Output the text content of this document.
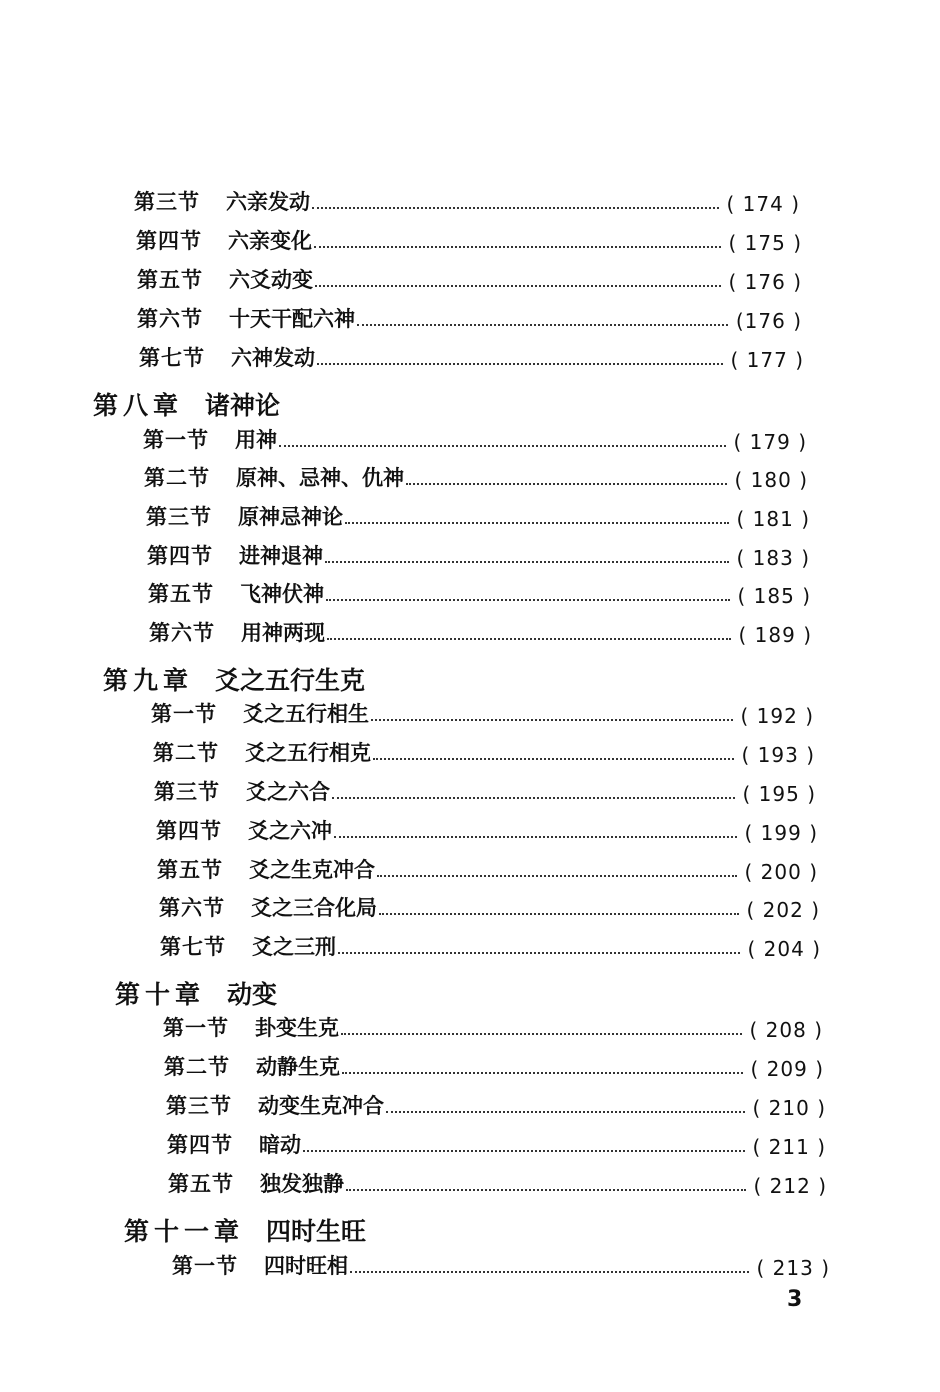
第三节	六亲发动	( 174 )
第四节	六亲变化	( 175 )
第五节	六爻动变	( 176 )
第六节	十天干配六神	(176 )
第七节	六神发动	( 177 )
第八章 诸神论
第一节	用神	( 179 )
第二节	原神、忌神、仇神	( 180 )
第三节	原神忌神论	( 181 )
第四节	进神退神	( 183 )
第五节	飞神伏神	( 185 )
第六节	用神两现	( 189 )
第九章 爻之五行生克
第一节	爻之五行相生	( 192 )
第二节	爻之五行相克	( 193 )
第三节	爻之六合	( 195 )
第四节	爻之六冲	( 199 )
第五节	爻之生克冲合	( 200 )
第六节	爻之三合化局	( 202 )
第七节	爻之三刑	( 204 )
第十章 动变
第一节	卦变生克	( 208 )
第二节	动静生克	( 209 )
第三节	动变生克冲合	( 210 )
第四节	暗动	( 211 )
第五节	独发独静	( 212 )
第十一章 四时生旺
第一节	四时旺相	( 213 )
3
